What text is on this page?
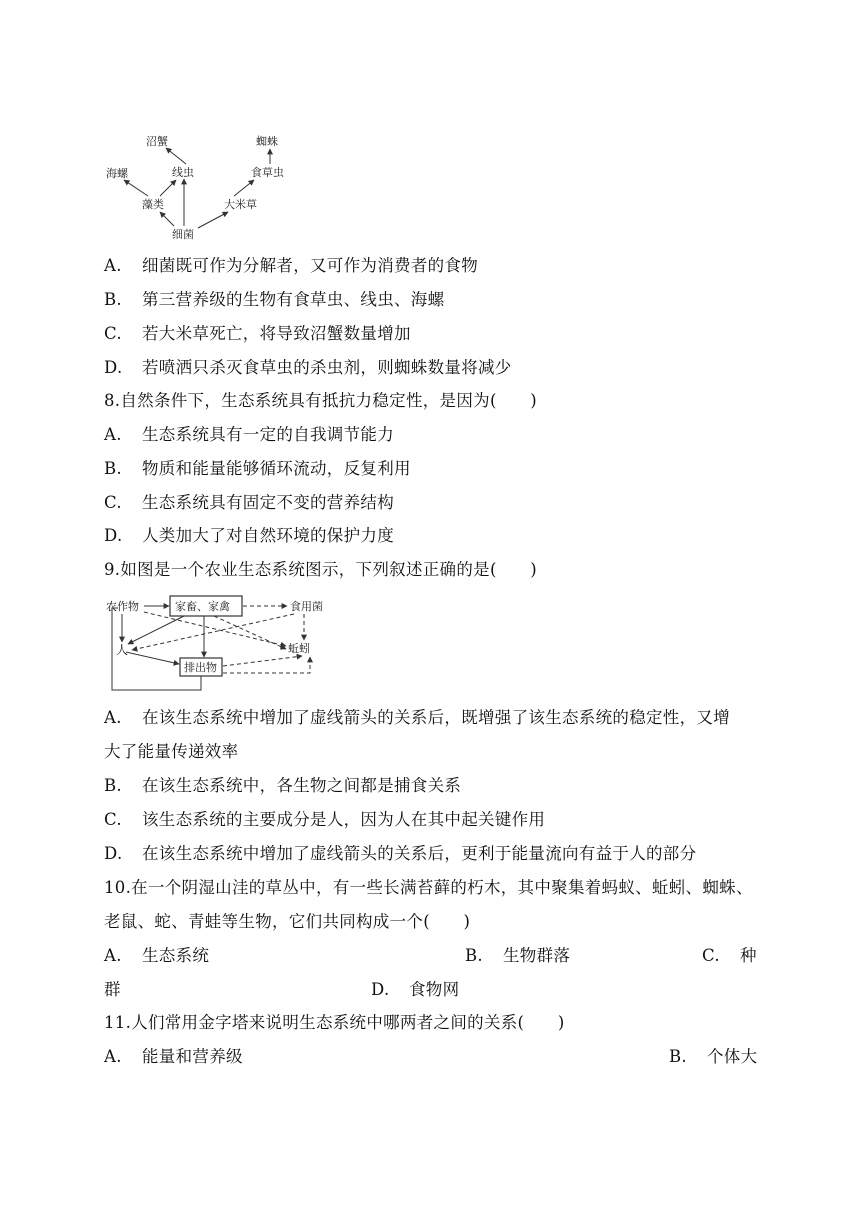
沼蟹	蜘蛛
海螺	线虫	食草虫
藻类	大米草
细菌
A. 细菌既可作为分解者，又可作为消费者的食物
B. 第三营养级的生物有食草虫、线虫、海螺
C. 若大米草死亡，将导致沼蟹数量增加
D. 若喷洒只杀灭食草虫的杀虫剂，则蜘蛛数量将减少
8.自然条件下，生态系统具有抵抗力稳定性，是因为(　　)
A. 生态系统具有一定的自我调节能力
B. 物质和能量能够循环流动，反复利用
C. 生态系统具有固定不变的营养结构
D. 人类加大了对自然环境的保护力度
9.如图是一个农业生态系统图示，下列叙述正确的是(　　)
农作物	家畜、家禽	食用菌
人	蚯蚓
排出物
A. 在该生态系统中增加了虚线箭头的关系后，既增强了该生态系统的稳定性，又增
大了能量传递效率
B. 在该生态系统中，各生物之间都是捕食关系
C. 该生态系统的主要成分是人，因为人在其中起关键作用
D. 在该生态系统中增加了虚线箭头的关系后，更利于能量流向有益于人的部分
10.在一个阴湿山洼的草丛中，有一些长满苔藓的朽木，其中聚集着蚂蚁、蚯蚓、蜘蛛、
老鼠、蛇、青蛙等生物，它们共同构成一个(　　)
A. 生态系统	B. 生物群落	C. 种
群	D. 食物网
11.人们常用金字塔来说明生态系统中哪两者之间的关系(　　)
A. 能量和营养级	B. 个体大
